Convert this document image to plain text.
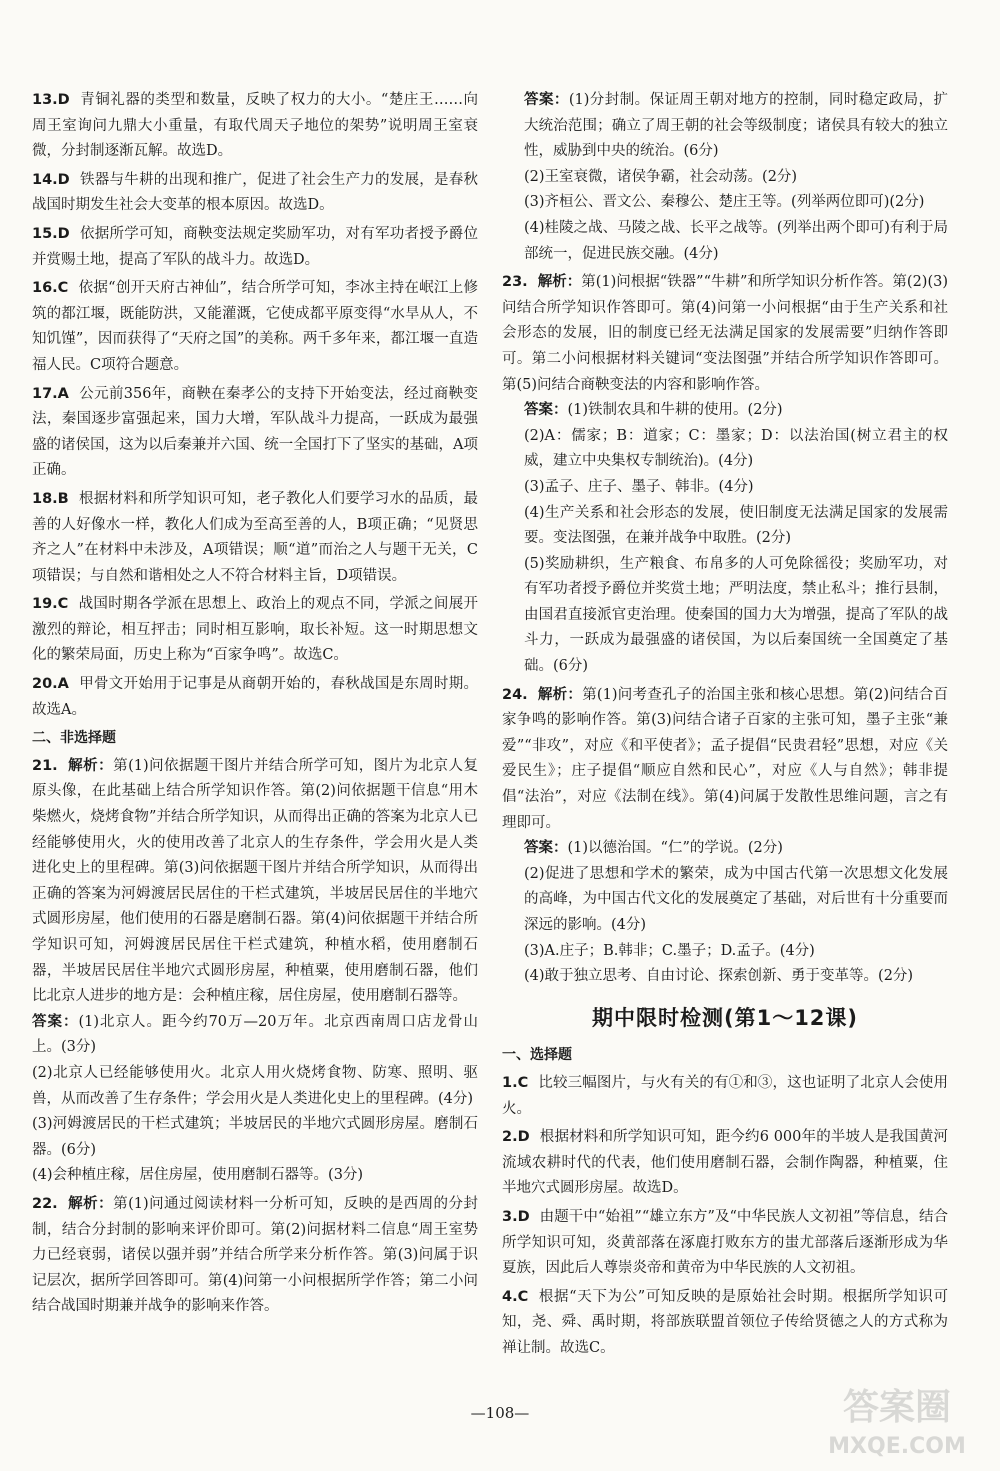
13.D 青铜礼器的类型和数量，反映了权力的大小。“楚庄王……向周王室询问九鼎大小重量，有取代周天子地位的架势”说明周王室衰微，分封制逐渐瓦解。故选D。
14.D 铁器与牛耕的出现和推广，促进了社会生产力的发展，是春秋战国时期发生社会大变革的根本原因。故选D。
15.D 依据所学可知，商鞅变法规定奖励军功，对有军功者授予爵位并赏赐土地，提高了军队的战斗力。故选D。
16.C 依据“创开天府古神仙”，结合所学可知，李冰主持在岷江上修筑的都江堰，既能防洪，又能灌溉，它使成都平原变得“水旱从人，不知饥馑”，因而获得了“天府之国”的美称。两千多年来，都江堰一直造福人民。C项符合题意。
17.A 公元前356年，商鞅在秦孝公的支持下开始变法，经过商鞅变法，秦国逐步富强起来，国力大增，军队战斗力提高，一跃成为最强盛的诸侯国，这为以后秦兼并六国、统一全国打下了坚实的基础，A项正确。
18.B 根据材料和所学知识可知，老子教化人们要学习水的品质，最善的人好像水一样，教化人们成为至高至善的人，B项正确；“见贤思齐之人”在材料中未涉及，A项错误；顺“道”而治之人与题干无关，C项错误；与自然和谐相处之人不符合材料主旨，D项错误。
19.C 战国时期各学派在思想上、政治上的观点不同，学派之间展开激烈的辩论，相互抨击；同时相互影响，取长补短。这一时期思想文化的繁荣局面，历史上称为“百家争鸣”。故选C。
20.A 甲骨文开始用于记事是从商朝开始的，春秋战国是东周时期。故选A。
二、非选择题
21. 解析：第(1)问依据题干图片并结合所学可知，图片为北京人复原头像，在此基础上结合所学知识作答。第(2)问依据题干信息“用木柴燃火，烧烤食物”并结合所学知识，从而得出正确的答案为北京人已经能够使用火，火的使用改善了北京人的生存条件，学会用火是人类进化史上的里程碑。第(3)问依据题干图片并结合所学知识，从而得出正确的答案为河姆渡居民居住的干栏式建筑，半坡居民居住的半地穴式圆形房屋，他们使用的石器是磨制石器。第(4)问依据题干并结合所学知识可知，河姆渡居民居住干栏式建筑，种植水稻，使用磨制石器，半坡居民居住半地穴式圆形房屋，种植粟，使用磨制石器，他们比北京人进步的地方是：会种植庄稼，居住房屋，使用磨制石器等。
答案：(1)北京人。距今约70万—20万年。北京西南周口店龙骨山上。(3分)
(2)北京人已经能够使用火。北京人用火烧烤食物、防寒、照明、驱兽，从而改善了生存条件；学会用火是人类进化史上的里程碑。(4分)
(3)河姆渡居民的干栏式建筑；半坡居民的半地穴式圆形房屋。磨制石器。(6分)
(4)会种植庄稼，居住房屋，使用磨制石器等。(3分)
22. 解析：第(1)问通过阅读材料一分析可知，反映的是西周的分封制，结合分封制的影响来评价即可。第(2)问据材料二信息“周王室势力已经衰弱，诸侯以强并弱”并结合所学来分析作答。第(3)问属于识记层次，据所学回答即可。第(4)问第一小问根据所学作答；第二小问结合战国时期兼并战争的影响来作答。
答案：(1)分封制。保证周王朝对地方的控制，同时稳定政局，扩大统治范围；确立了周王朝的社会等级制度；诸侯具有较大的独立性，威胁到中央的统治。(6分)
(2)王室衰微，诸侯争霸，社会动荡。(2分)
(3)齐桓公、晋文公、秦穆公、楚庄王等。(列举两位即可)(2分)
(4)桂陵之战、马陵之战、长平之战等。(列举出两个即可)有利于局部统一，促进民族交融。(4分)
23. 解析：第(1)问根据“铁器”“牛耕”和所学知识分析作答。第(2)(3)问结合所学知识作答即可。第(4)问第一小问根据“由于生产关系和社会形态的发展，旧的制度已经无法满足国家的发展需要”归纳作答即可。第二小问根据材料关键词“变法图强”并结合所学知识作答即可。第(5)问结合商鞅变法的内容和影响作答。
答案：(1)铁制农具和牛耕的使用。(2分)
(2)A：儒家；B：道家；C：墨家；D：以法治国(树立君主的权威，建立中央集权专制统治)。(4分)
(3)孟子、庄子、墨子、韩非。(4分)
(4)生产关系和社会形态的发展，使旧制度无法满足国家的发展需要。变法图强，在兼并战争中取胜。(2分)
(5)奖励耕织，生产粮食、布帛多的人可免除徭役；奖励军功，对有军功者授予爵位并奖赏土地；严明法度，禁止私斗；推行县制，由国君直接派官吏治理。使秦国的国力大为增强，提高了军队的战斗力，一跃成为最强盛的诸侯国，为以后秦国统一全国奠定了基础。(6分)
24. 解析：第(1)问考查孔子的治国主张和核心思想。第(2)问结合百家争鸣的影响作答。第(3)问结合诸子百家的主张可知，墨子主张“兼爱”“非攻”，对应《和平使者》；孟子提倡“民贵君轻”思想，对应《关爱民生》；庄子提倡“顺应自然和民心”，对应《人与自然》；韩非提倡“法治”，对应《法制在线》。第(4)问属于发散性思维问题，言之有理即可。
答案：(1)以德治国。“仁”的学说。(2分)
(2)促进了思想和学术的繁荣，成为中国古代第一次思想文化发展的高峰，为中国古代文化的发展奠定了基础，对后世有十分重要而深远的影响。(4分)
(3)A.庄子；B.韩非；C.墨子；D.孟子。(4分)
(4)敢于独立思考、自由讨论、探索创新、勇于变革等。(2分)
期中限时检测(第1～12课)
一、选择题
1.C 比较三幅图片，与火有关的有①和③，这也证明了北京人会使用火。
2.D 根据材料和所学知识可知，距今约6 000年的半坡人是我国黄河流域农耕时代的代表，他们使用磨制石器，会制作陶器，种植粟，住半地穴式圆形房屋。故选D。
3.D 由题干中“始祖”“雄立东方”及“中华民族人文初祖”等信息，结合所学知识可知，炎黄部落在涿鹿打败东方的蚩尤部落后逐渐形成为华夏族，因此后人尊崇炎帝和黄帝为中华民族的人文初祖。
4.C 根据“天下为公”可知反映的是原始社会时期。根据所学知识可知，尧、舜、禹时期，将部族联盟首领位子传给贤德之人的方式称为禅让制。故选C。
—108—	答案圈
MXQE.COM
